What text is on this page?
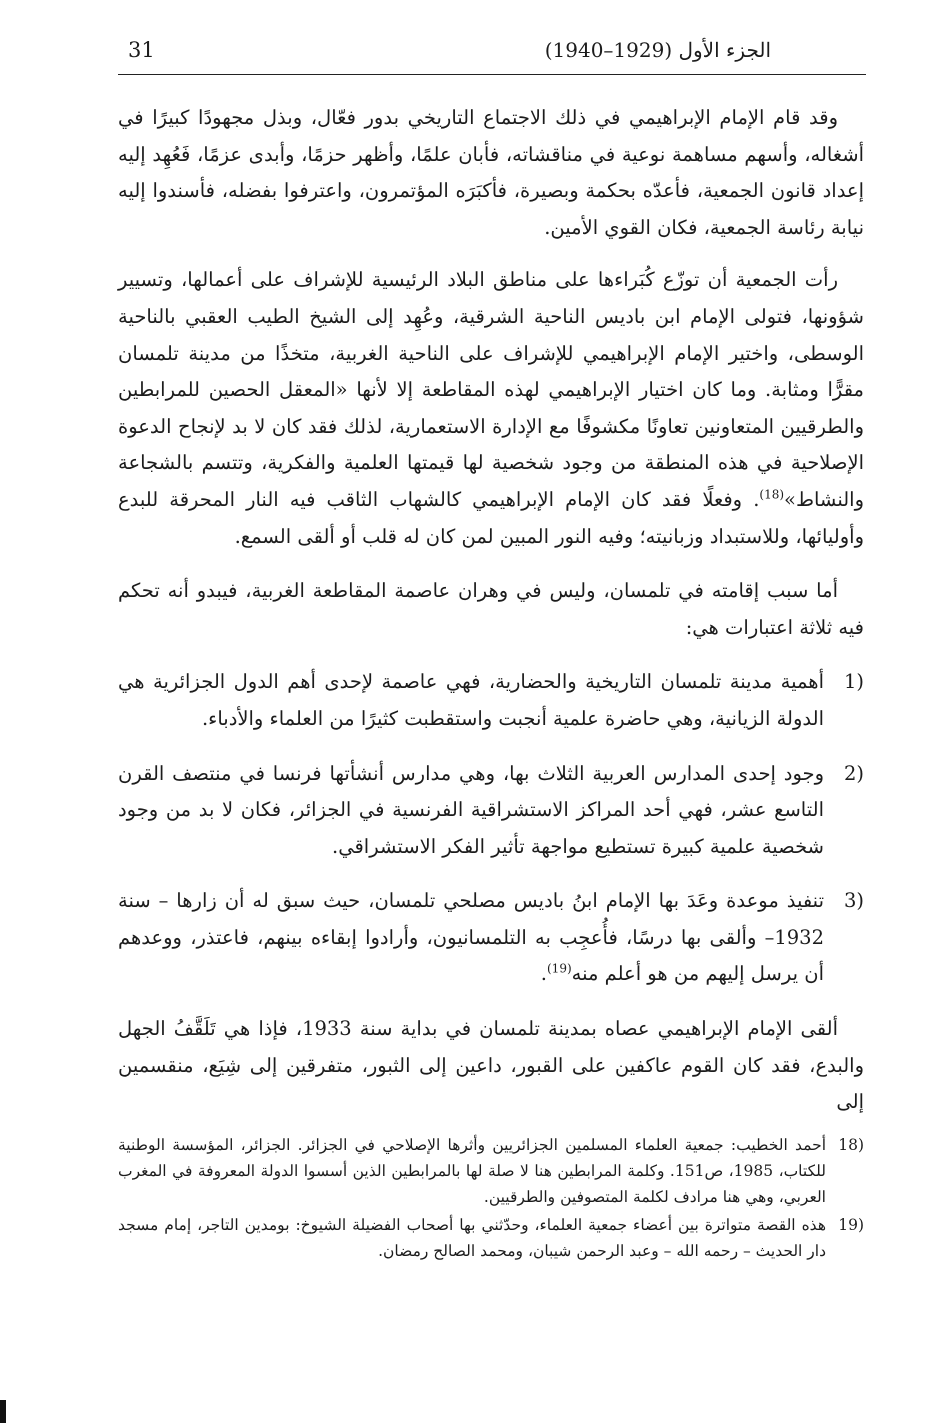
31	الجزء الأول (1929–1940)

وقد قام الإمام الإبراهيمي في ذلك الاجتماع التاريخي بدور فعّال، وبذل مجهودًا كبيرًا في أشغاله، وأسهم مساهمة نوعية في مناقشاته، فأبان علمًا، وأظهر حزمًا، وأبدى عزمًا، فَعُهِد إليه إعداد قانون الجمعية، فأعدّه بحكمة وبصيرة، فأكبَرَه المؤتمرون، واعترفوا بفضله، فأسندوا إليه نيابة رئاسة الجمعية، فكان القوي الأمين.

رأت الجمعية أن توزّع كُبَراءها على مناطق البلاد الرئيسية للإشراف على أعمالها، وتسيير شؤونها، فتولى الإمام ابن باديس الناحية الشرقية، وعُهِد إلى الشيخ الطيب العقبي بالناحية الوسطى، واختير الإمام الإبراهيمي للإشراف على الناحية الغربية، متخذًا من مدينة تلمسان مقرًّا ومثابة. وما كان اختيار الإبراهيمي لهذه المقاطعة إلا لأنها «المعقل الحصين للمرابطين والطرقيين المتعاونين تعاونًا مكشوفًا مع الإدارة الاستعمارية، لذلك فقد كان لا بد لإنجاح الدعوة الإصلاحية في هذه المنطقة من وجود شخصية لها قيمتها العلمية والفكرية، وتتسم بالشجاعة والنشاط»$^{(18)}$. وفعلًا فقد كان الإمام الإبراهيمي كالشهاب الثاقب فيه النار المحرقة للبدع وأوليائها، وللاستبداد وزبانيته؛ وفيه النور المبين لمن كان له قلب أو ألقى السمع.

أما سبب إقامته في تلمسان، وليس في وهران عاصمة المقاطعة الغربية، فيبدو أنه تحكم فيه ثلاثة اعتبارات هي:

1)
أهمية مدينة تلمسان التاريخية والحضارية، فهي عاصمة لإحدى أهم الدول الجزائرية هي الدولة الزيانية، وهي حاضرة علمية أنجبت واستقطبت كثيرًا من العلماء والأدباء.
2)
وجود إحدى المدارس العربية الثلاث بها، وهي مدارس أنشأتها فرنسا في منتصف القرن التاسع عشر، فهي أحد المراكز الاستشراقية الفرنسية في الجزائر، فكان لا بد من وجود شخصية علمية كبيرة تستطيع مواجهة تأثير الفكر الاستشراقي.
3)
تنفيذ موعدة وعَدَ بها الإمام ابنُ باديس مصلحي تلمسان، حيث سبق له أن زارها – سنة 1932– وألقى بها درسًا، فأُعجِب به التلمسانيون، وأرادوا إبقاءه بينهم، فاعتذر، ووعدهم أن يرسل إليهم من هو أعلم منه$^{(19)}$.

ألقى الإمام الإبراهيمي عصاه بمدينة تلمسان في بداية سنة 1933، فإذا هي تَلَقَّفُ الجهل والبدع، فقد كان القوم عاكفين على القبور، داعين إلى الثبور، متفرقين إلى شِيَع، منقسمين إلى

18)
أحمد الخطيب: جمعية العلماء المسلمين الجزائريين وأثرها الإصلاحي في الجزائر. الجزائر، المؤسسة الوطنية للكتاب، 1985، ص151. وكلمة المرابطين هنا لا صلة لها بالمرابطين الذين أسسوا الدولة المعروفة في المغرب العربي، وهي هنا مرادف لكلمة المتصوفين والطرقيين.

19)
هذه القصة متواترة بين أعضاء جمعية العلماء، وحدّثني بها أصحاب الفضيلة الشيوخ: بومدين التاجر، إمام مسجد دار الحديث – رحمه الله – وعبد الرحمن شيبان، ومحمد الصالح رمضان.
